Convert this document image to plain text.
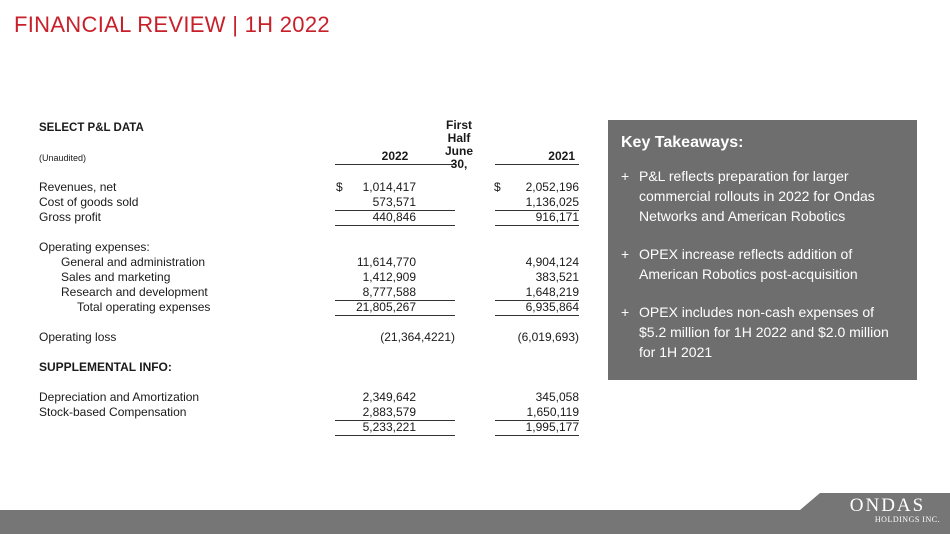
FINANCIAL REVIEW | 1H 2022
SELECT P&L DATA
(Unaudited)
First Half
June 30,
2022	2021
Revenues, net	$	1,014,417	$	2,052,196
Cost of goods sold	573,571	1,136,025
Gross profit	440,846	916,171
Operating expenses:
General and administration	11,614,770	4,904,124
Sales and marketing	1,412,909	383,521
Research and development	8,777,588	1,648,219
Total operating expenses	21,805,267	6,935,864
Operating loss	(21,364,4221)	(6,019,693)
SUPPLEMENTAL INFO:
Depreciation and Amortization	2,349,642	345,058
Stock-based Compensation	2,883,579	1,650,119
5,233,221	1,995,177
Key Takeaways:
+ P&L reflects preparation for larger commercial rollouts in 2022 for Ondas Networks and American Robotics
+ OPEX increase reflects addition of American Robotics post-acquisition
+ OPEX includes non-cash expenses of $5.2 million for 1H 2022 and $2.0 million for 1H 2021
ONDAS
HOLDINGS INC.
